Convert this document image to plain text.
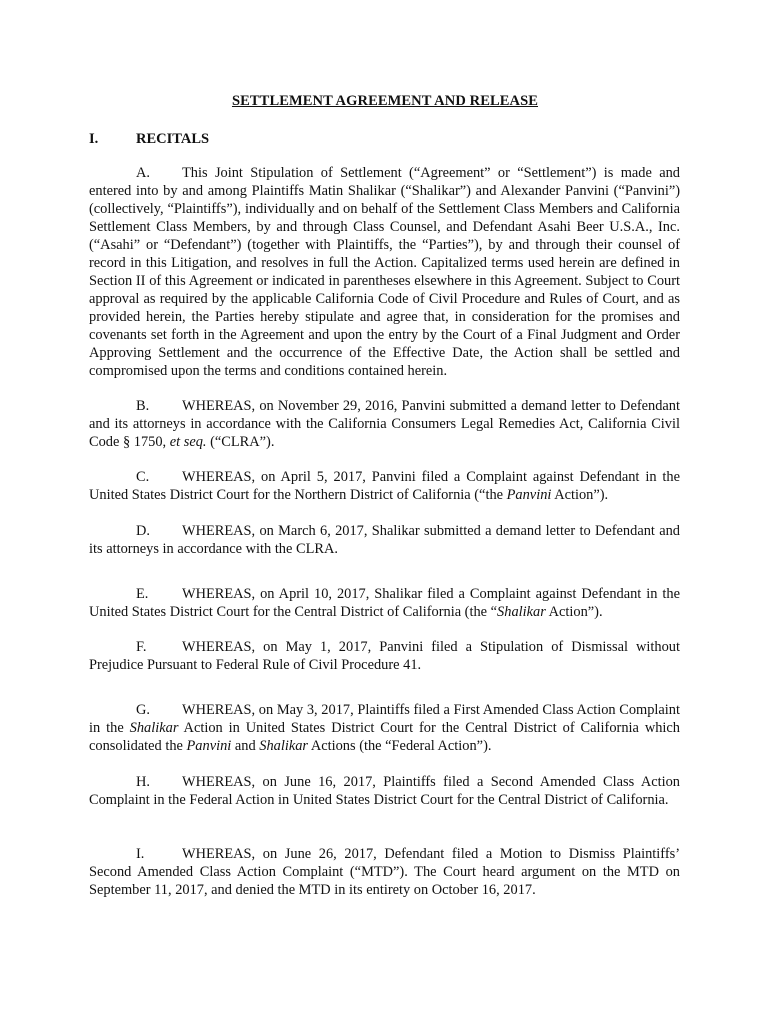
SETTLEMENT AGREEMENT AND RELEASE
I.	RECITALS

A. This Joint Stipulation of Settlement (“Agreement” or “Settlement”) is made and entered into by and among Plaintiffs Matin Shalikar (“Shalikar”) and Alexander Panvini (“Panvini”) (collectively, “Plaintiffs”), individually and on behalf of the Settlement Class Members and California Settlement Class Members, by and through Class Counsel, and Defendant Asahi Beer U.S.A., Inc. (“Asahi” or “Defendant”) (together with Plaintiffs, the “Parties”), by and through their counsel of record in this Litigation, and resolves in full the Action. Capitalized terms used herein are defined in Section II of this Agreement or indicated in parentheses elsewhere in this Agreement. Subject to Court approval as required by the applicable California Code of Civil Procedure and Rules of Court, and as provided herein, the Parties hereby stipulate and agree that, in consideration for the promises and covenants set forth in the Agreement and upon the entry by the Court of a Final Judgment and Order Approving Settlement and the occurrence of the Effective Date, the Action shall be settled and compromised upon the terms and conditions contained herein.

B. WHEREAS, on November 29, 2016, Panvini submitted a demand letter to Defendant and its attorneys in accordance with the California Consumers Legal Remedies Act, California Civil Code § 1750, et seq. (“CLRA”).

C. WHEREAS, on April 5, 2017, Panvini filed a Complaint against Defendant in the United States District Court for the Northern District of California (“the Panvini Action”).

D. WHEREAS, on March 6, 2017, Shalikar submitted a demand letter to Defendant and its attorneys in accordance with the CLRA.

E. WHEREAS, on April 10, 2017, Shalikar filed a Complaint against Defendant in the United States District Court for the Central District of California (the “Shalikar Action”).

F. WHEREAS, on May 1, 2017, Panvini filed a Stipulation of Dismissal without Prejudice Pursuant to Federal Rule of Civil Procedure 41.

G. WHEREAS, on May 3, 2017, Plaintiffs filed a First Amended Class Action Complaint in the Shalikar Action in United States District Court for the Central District of California which consolidated the Panvini and Shalikar Actions (the “Federal Action”).

H. WHEREAS, on June 16, 2017, Plaintiffs filed a Second Amended Class Action Complaint in the Federal Action in United States District Court for the Central District of California.

I.	WHEREAS, on June 26, 2017, Defendant filed a Motion to Dismiss Plaintiffs’ Second Amended Class Action Complaint (“MTD”). The Court heard argument on the MTD on September 11, 2017, and denied the MTD in its entirety on October 16, 2017.
